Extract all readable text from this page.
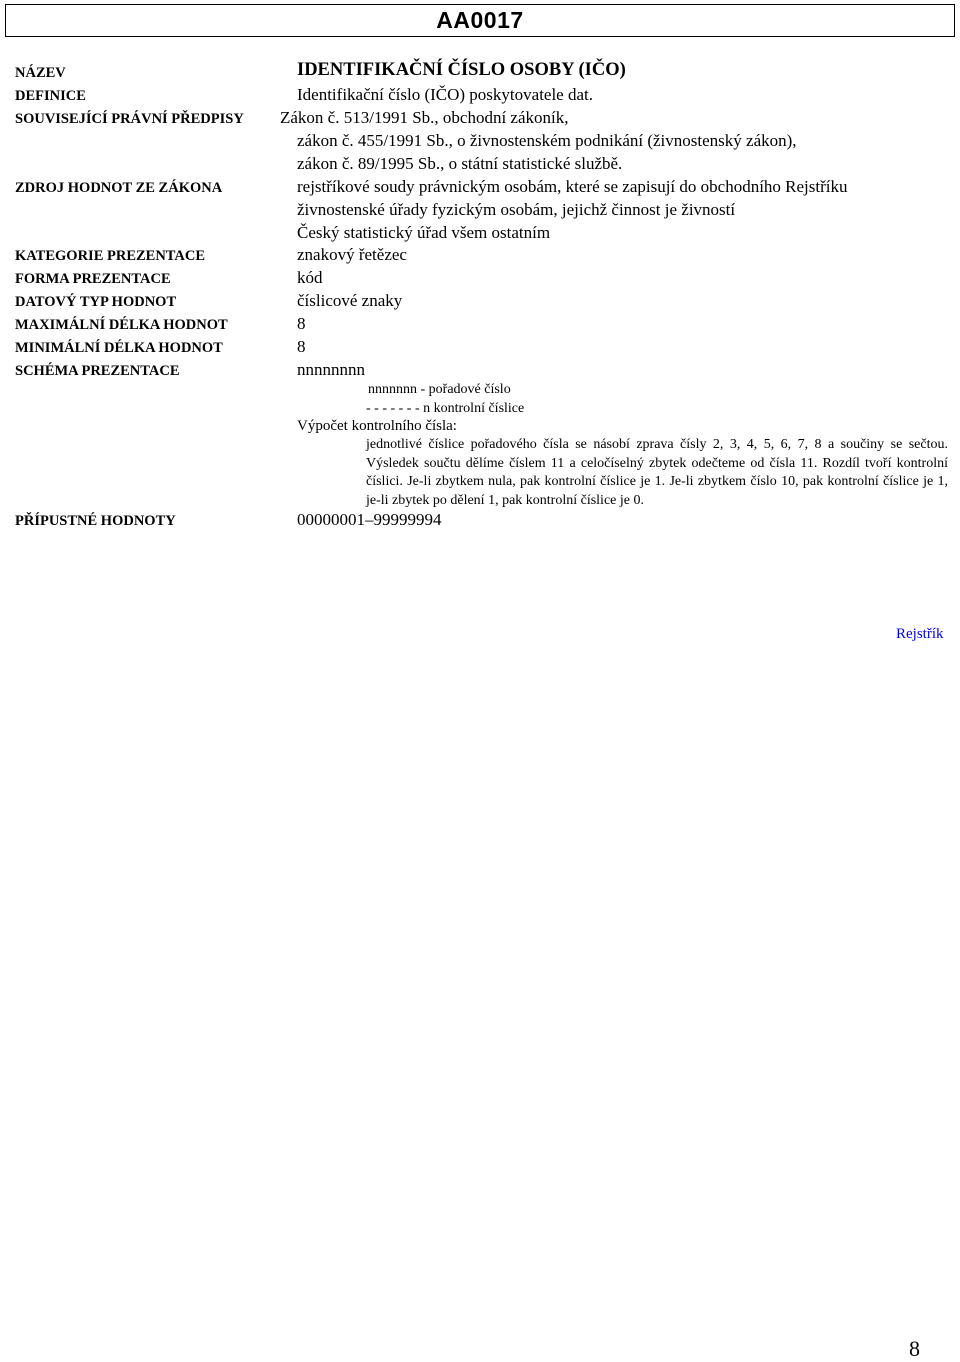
AA0017
NÁZEV	IDENTIFIKAČNÍ ČÍSLO OSOBY (IČO)
DEFINICE	Identifikační číslo (IČO) poskytovatele dat.
SOUVISEJÍCÍ PRÁVNÍ PŘEDPISY Zákon č. 513/1991 Sb., obchodní zákoník,
zákon č. 455/1991 Sb., o živnostenském podnikání (živnostenský zákon),
zákon č. 89/1995 Sb., o státní statistické službě.
ZDROJ HODNOT ZE ZÁKONA	rejstříkové soudy právnickým osobám, které se zapisují do obchodního Rejstříku
živnostenské úřady fyzickým osobám, jejichž činnost je živností
Český statistický úřad všem ostatním
KATEGORIE PREZENTACE	znakový řetězec
FORMA PREZENTACE	kód
DATOVÝ TYP HODNOT	číslicové znaky
MAXIMÁLNÍ DÉLKA HODNOT	8
MINIMÁLNÍ DÉLKA HODNOT	8
SCHÉMA PREZENTACE	nnnnnnnn
nnnnnnn - pořadové číslo
- - - - - - - n kontrolní číslice
Výpočet kontrolního čísla:
jednotlivé číslice pořadového čísla se násobí zprava čísly 2, 3, 4, 5, 6, 7, 8 a součiny se sečtou. Výsledek součtu dělíme číslem 11 a celočíselný zbytek odečteme od čísla 11. Rozdíl tvoří kontrolní číslici. Je-li zbytkem nula, pak kontrolní číslice je 1. Je-li zbytkem číslo 10, pak kontrolní číslice je 1, je-li zbytek po dělení 1, pak kontrolní číslice je 0.
PŘÍPUSTNÉ HODNOTY	00000001–99999994
Rejstřík
8
